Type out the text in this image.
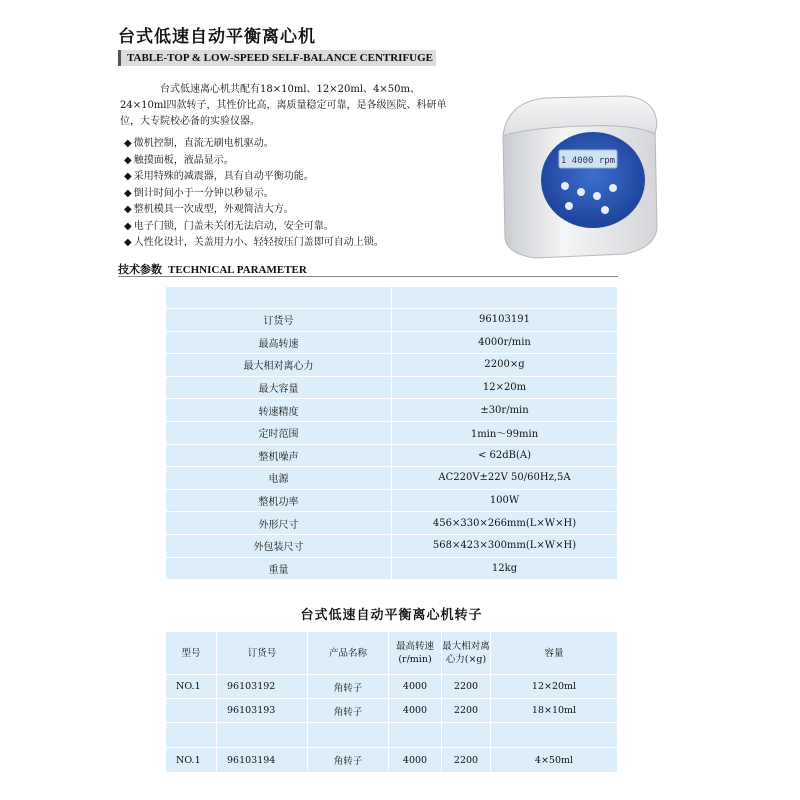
台式低速自动平衡离心机
TABLE-TOP & LOW-SPEED SELF-BALANCE CENTRIFUGE
台式低速离心机共配有18×10ml、12×20ml、4×50m、24×10ml四款转子，其性价比高，离质量稳定可靠，是各级医院、科研单位，大专院校必备的实验仪器。
◆ 微机控制，直流无刷电机驱动。
◆ 触摸面板，液晶显示。
◆ 采用特殊的减震器，具有自动平衡功能。
◆ 倒计时间小于一分钟以秒显示。
◆ 整机模具一次成型，外观简洁大方。
◆ 电子门锁，门盖未关闭无法启动，安全可靠。
◆ 人性化设计，关盖用力小、轻轻按压门盖即可自动上锁。
1 4000 rpm
技术参数 TECHNICAL PARAMETER

订货号	96103191
最高转速	4000r/min
最大相对离心力	2200×g
最大容量	12×20m
转速精度	±30r/min
定时范围	1min～99min
整机噪声	< 62dB(A)
电源	AC220V±22V 50/60Hz,5A
整机功率	100W
外形尺寸	456×330×266mm(L×W×H)
外包装尺寸	568×423×300mm(L×W×H)
重量	12kg
台式低速自动平衡离心机转子
型号	订货号	产品名称	最高转速(r/min)	最大相对离心力(×g)	容量
NO.1	96103192	角转子	4000	2200	12×20ml
	96103193	角转子	4000	2200	18×10ml

NO.1	96103194	角转子	4000	2200	4×50ml
